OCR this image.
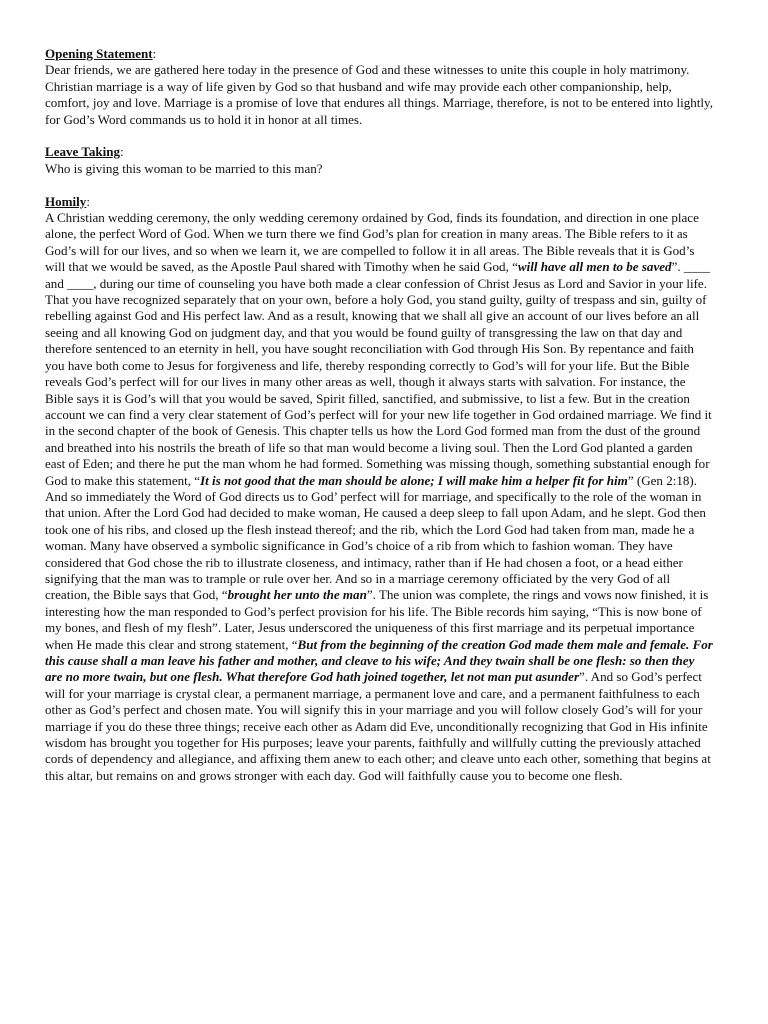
Opening Statement:

Dear friends, we are gathered here today in the presence of God and these witnesses to unite this couple in holy matrimony. Christian marriage is a way of life given by God so that husband and wife may provide each other companionship, help, comfort, joy and love. Marriage is a promise of love that endures all things. Marriage, therefore, is not to be entered into lightly, for God’s Word commands us to hold it in honor at all times.

Leave Taking:

Who is giving this woman to be married to this man?

Homily:

A Christian wedding ceremony, the only wedding ceremony ordained by God, finds its foundation, and direction in one place alone, the perfect Word of God. When we turn there we find God’s plan for creation in many areas. The Bible refers to it as God’s will for our lives, and so when we learn it, we are compelled to follow it in all areas. The Bible reveals that it is God’s will that we would be saved, as the Apostle Paul shared with Timothy when he said God, “will have all men to be saved”. ____ and ____, during our time of counseling you have both made a clear confession of Christ Jesus as Lord and Savior in your life. That you have recognized separately that on your own, before a holy God, you stand guilty, guilty of trespass and sin, guilty of rebelling against God and His perfect law. And as a result, knowing that we shall all give an account of our lives before an all seeing and all knowing God on judgment day, and that you would be found guilty of transgressing the law on that day and therefore sentenced to an eternity in hell, you have sought reconciliation with God through His Son. By repentance and faith you have both come to Jesus for forgiveness and life, thereby responding correctly to God’s will for your life. But the Bible reveals God’s perfect will for our lives in many other areas as well, though it always starts with salvation. For instance, the Bible says it is God’s will that you would be saved, Spirit filled, sanctified, and submissive, to list a few. But in the creation account we can find a very clear statement of God’s perfect will for your new life together in God ordained marriage. We find it in the second chapter of the book of Genesis. This chapter tells us how the Lord God formed man from the dust of the ground and breathed into his nostrils the breath of life so that man would become a living soul. Then the Lord God planted a garden east of Eden; and there he put the man whom he had formed. Something was missing though, something substantial enough for God to make this statement, “It is not good that the man should be alone; I will make him a helper fit for him” (Gen 2:18). And so immediately the Word of God directs us to God’ perfect will for marriage, and specifically to the role of the woman in that union. After the Lord God had decided to make woman, He caused a deep sleep to fall upon Adam, and he slept. God then took one of his ribs, and closed up the flesh instead thereof; and the rib, which the Lord God had taken from man, made he a woman. Many have observed a symbolic significance in God’s choice of a rib from which to fashion woman. They have considered that God chose the rib to illustrate closeness, and intimacy, rather than if He had chosen a foot, or a head either signifying that the man was to trample or rule over her. And so in a marriage ceremony officiated by the very God of all creation, the Bible says that God, “brought her unto the man”. The union was complete, the rings and vows now finished, it is interesting how the man responded to God’s perfect provision for his life. The Bible records him saying, “This is now bone of my bones, and flesh of my flesh”. Later, Jesus underscored the uniqueness of this first marriage and its perpetual importance when He made this clear and strong statement, “But from the beginning of the creation God made them male and female. For this cause shall a man leave his father and mother, and cleave to his wife; And they twain shall be one flesh: so then they are no more twain, but one flesh. What therefore God hath joined together, let not man put asunder”. And so God’s perfect will for your marriage is crystal clear, a permanent marriage, a permanent love and care, and a permanent faithfulness to each other as God’s perfect and chosen mate. You will signify this in your marriage and you will follow closely God’s will for your marriage if you do these three things; receive each other as Adam did Eve, unconditionally recognizing that God in His infinite wisdom has brought you together for His purposes; leave your parents, faithfully and willfully cutting the previously attached cords of dependency and allegiance, and affixing them anew to each other; and cleave unto each other, something that begins at this altar, but remains on and grows stronger with each day. God will faithfully cause you to become one flesh.
